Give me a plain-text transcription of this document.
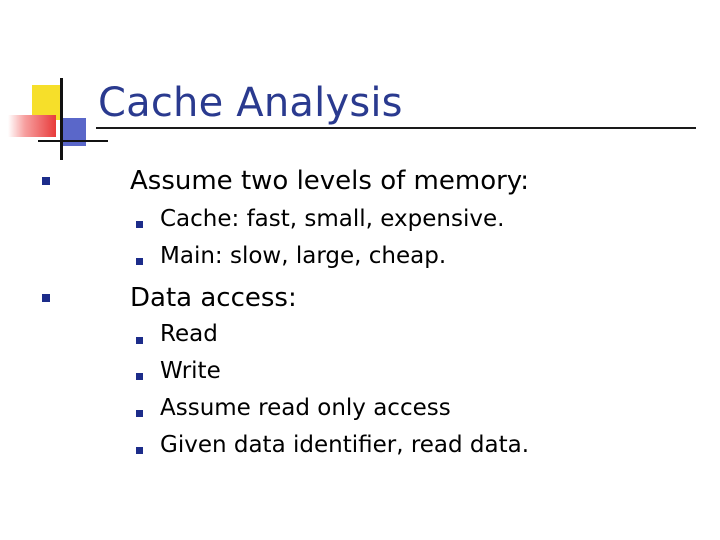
Cache Analysis
Assume two levels of memory:
Cache: fast, small, expensive.
Main: slow, large, cheap.
Data access:
Read
Write
Assume read only access
Given data identifier, read data.
